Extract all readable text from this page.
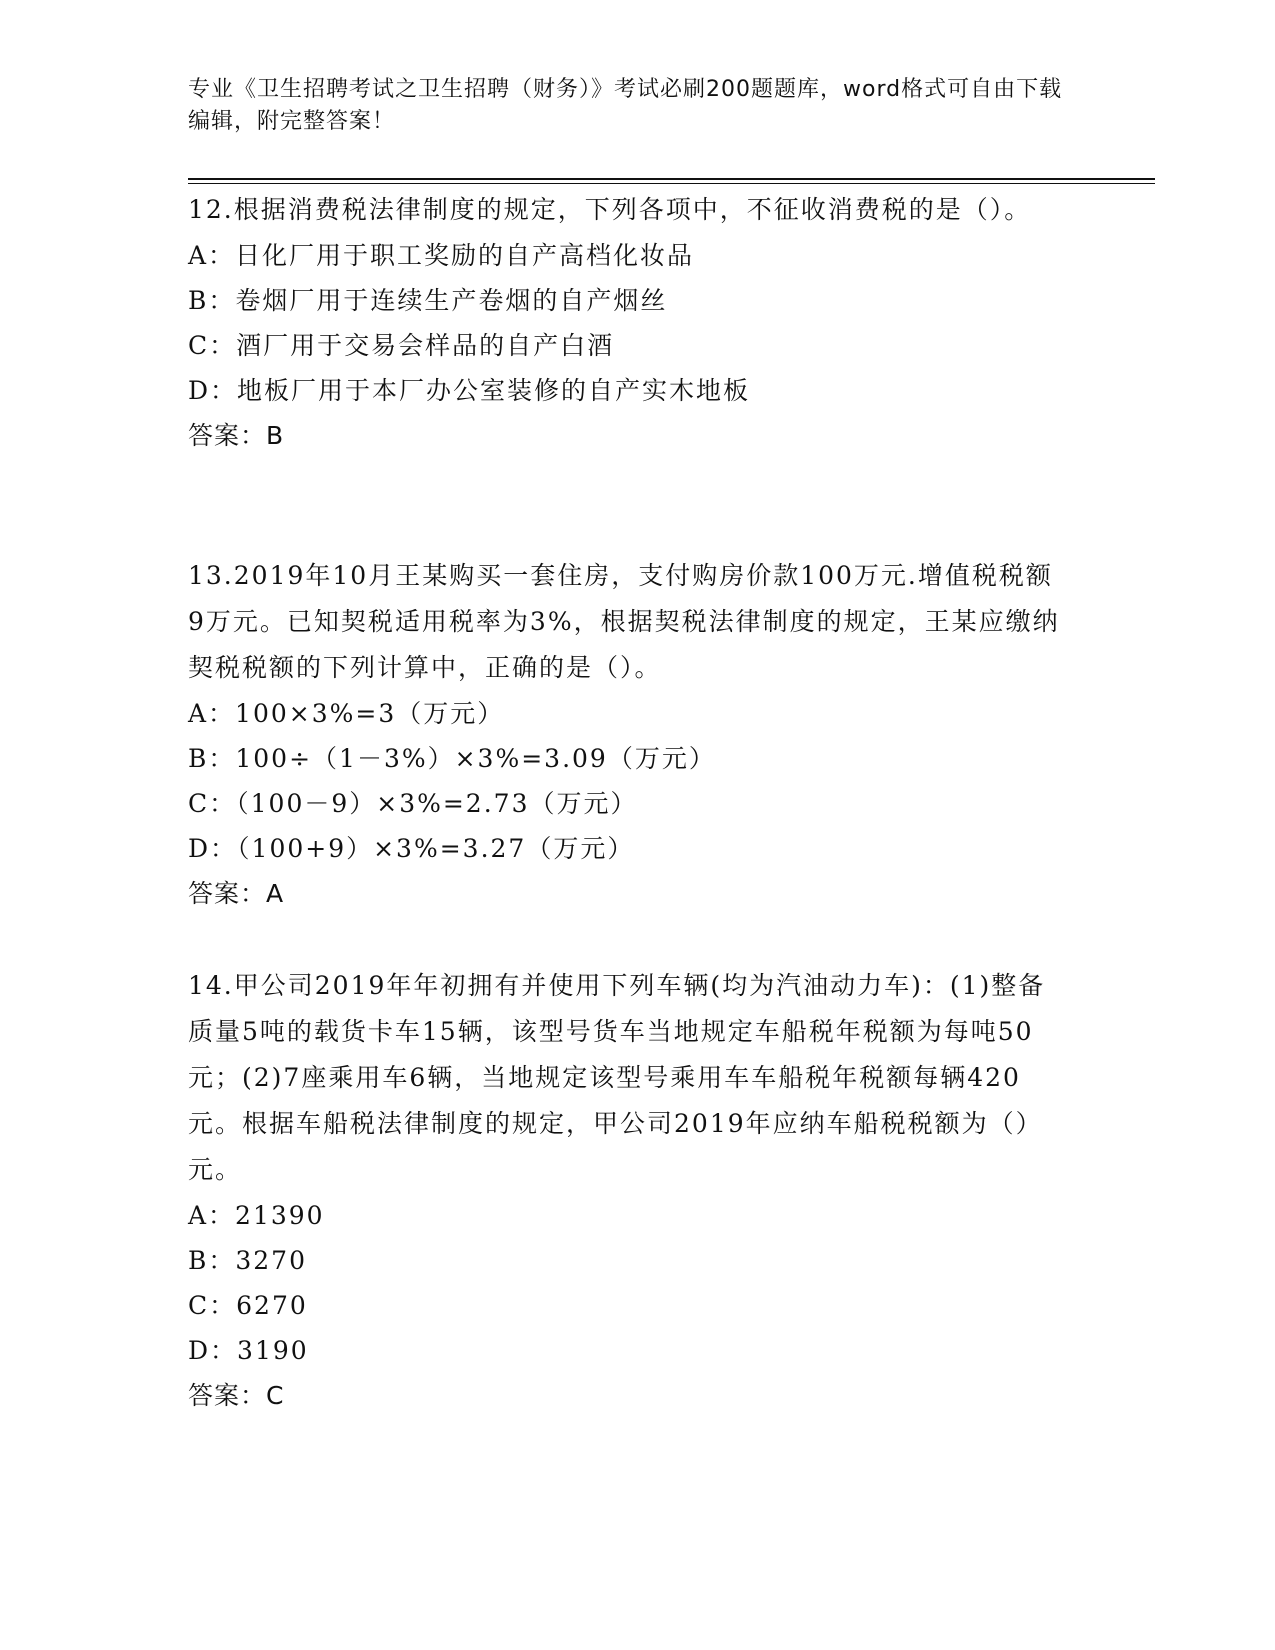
专业《卫生招聘考试之卫生招聘（财务）》考试必刷200题题库，word格式可自由下载编辑，附完整答案！

12.根据消费税法律制度的规定，下列各项中，不征收消费税的是（）。

A：日化厂用于职工奖励的自产高档化妆品

B：卷烟厂用于连续生产卷烟的自产烟丝

C：酒厂用于交易会样品的自产白酒

D：地板厂用于本厂办公室装修的自产实木地板

答案：B

13.2019年10月王某购买一套住房，支付购房价款100万元.增值税税额9万元。已知契税适用税率为3%，根据契税法律制度的规定，王某应缴纳契税税额的下列计算中，正确的是（）。

A：100×3%=3（万元）

B：100÷（1－3%）×3%=3.09（万元）

C：（100－9）×3%=2.73（万元）

D：（100+9）×3%=3.27（万元）

答案：A

14.甲公司2019年年初拥有并使用下列车辆(均为汽油动力车)：(1)整备质量5吨的载货卡车15辆，该型号货车当地规定车船税年税额为每吨50元；(2)7座乘用车6辆，当地规定该型号乘用车车船税年税额每辆420元。根据车船税法律制度的规定，甲公司2019年应纳车船税税额为（）元。

A：21390

B：3270

C：6270

D：3190

答案：C
